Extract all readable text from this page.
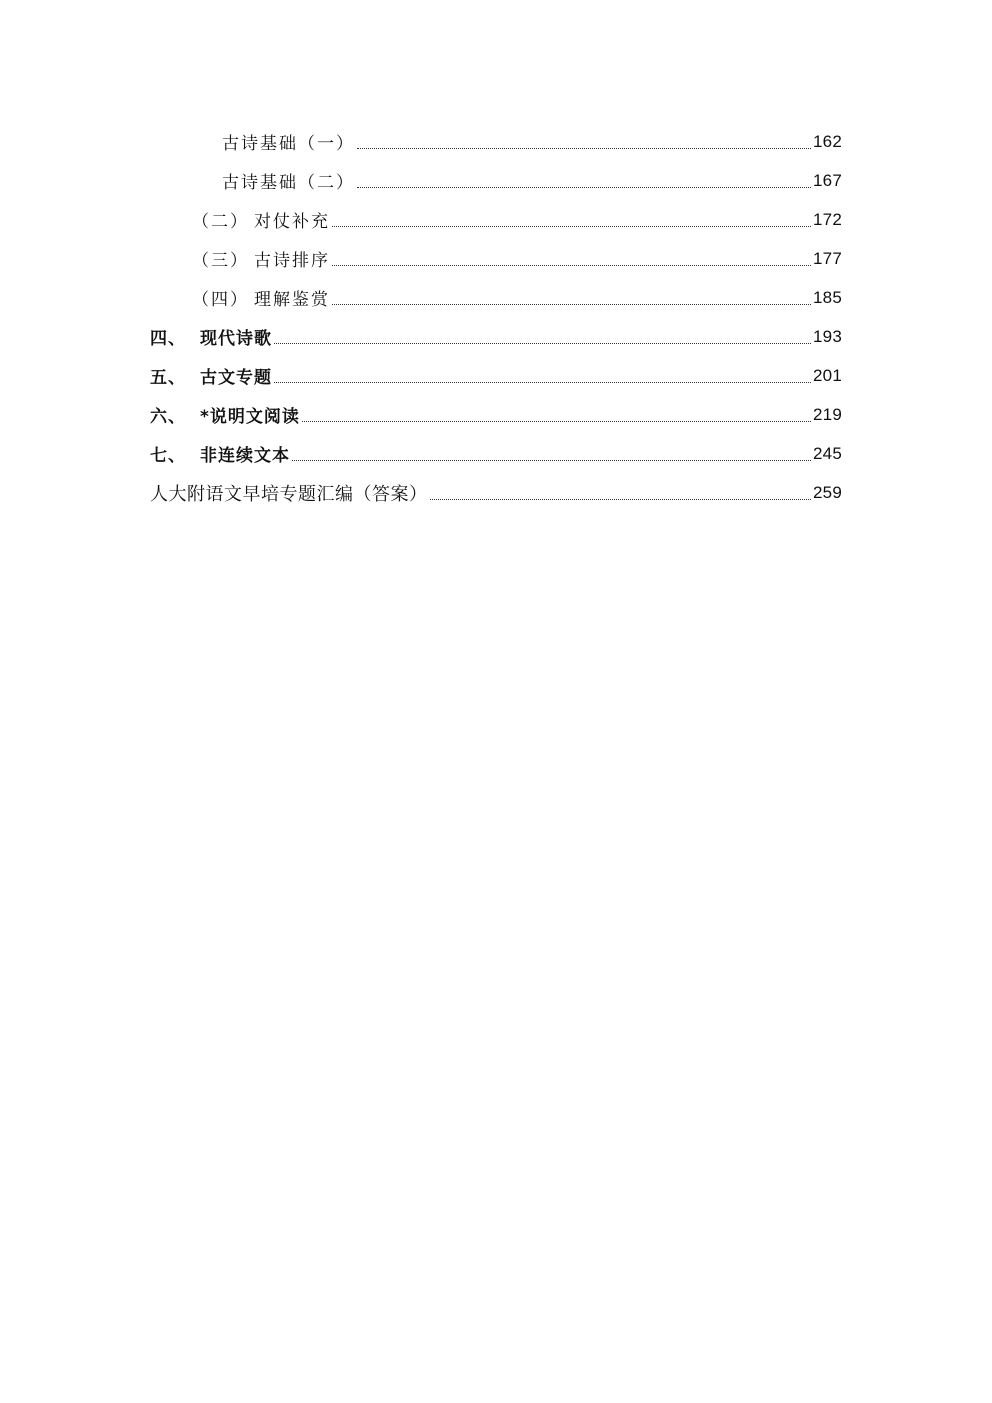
古诗基础（一）	162
古诗基础（二）	167
（二） 对仗补充	172
（三） 古诗排序	177
（四） 理解鉴赏	185
四、 现代诗歌	193
五、 古文专题	201
六、 *说明文阅读	219
七、 非连续文本	245
人大附语文早培专题汇编（答案）	259
